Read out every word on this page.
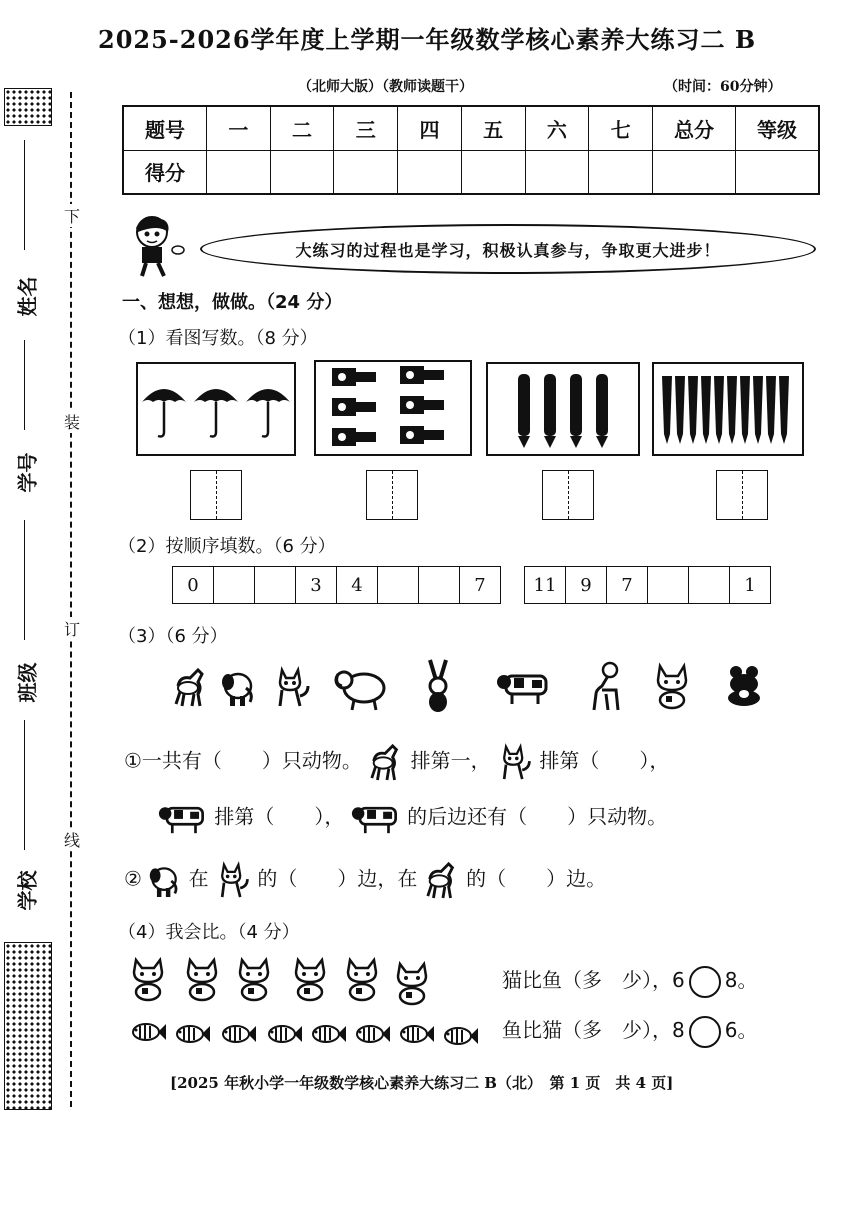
姓名
学号
班级
学校
下
装
订
线
2025-2026学年度上学期一年级数学核心素养大练习二 B
（北师大版）（教师读题干）	（时间：60分钟）
题号	一	二	三	四	五	六	七	总分	等级
得分									
大练习的过程也是学习，积极认真参与，争取更大进步！
一、想想，做做。（24 分）
（1）看图写数。（8 分）
（2）按顺序填数。（6 分）
0	3	4	7	11	9	7	1
（3）（6 分）
①一共有（　　）只动物。 排第一， 排第（　　），
排第（　　），	的后边还有（　　）只动物。
② 在 的（　　）边，在 的（　　）边。
（4）我会比。（4 分）
猫比鱼（多　少），6 8。
鱼比猫（多　少），8 6。
[2025 年秋小学一年级数学核心素养大练习二 B（北）　第 1 页　共 4 页]
